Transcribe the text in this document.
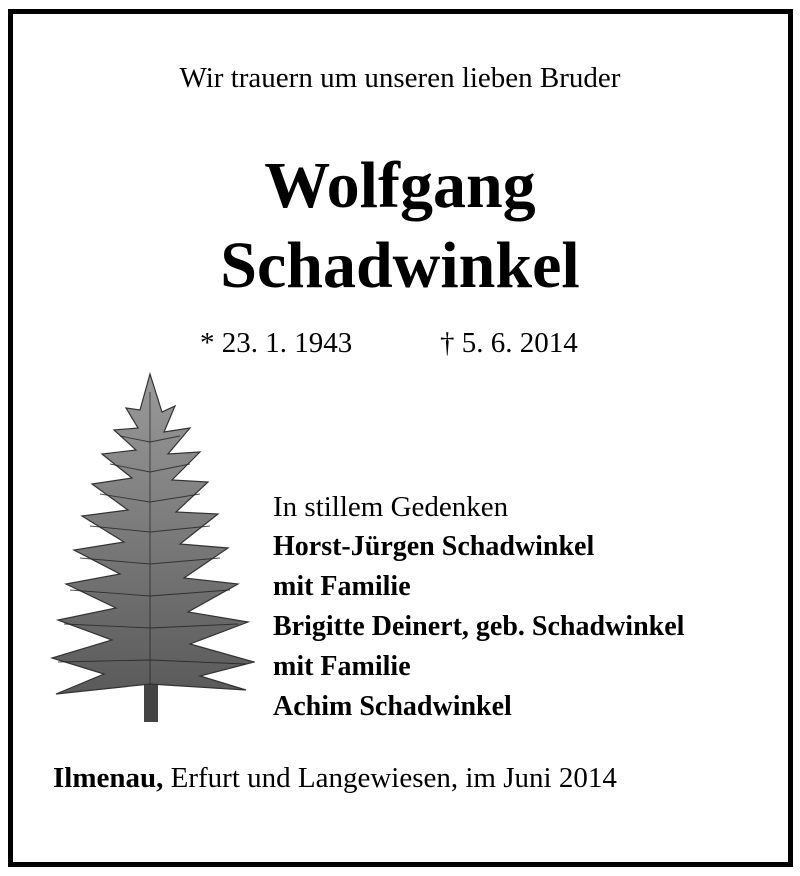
Wir trauern um unseren lieben Bruder
Wolfgang
Schadwinkel
* 23. 1. 1943	† 5. 6. 2014
In stillem Gedenken
Horst-Jürgen Schadwinkel
mit Familie
Brigitte Deinert, geb. Schadwinkel
mit Familie
Achim Schadwinkel
Ilmenau, Erfurt und Langewiesen, im Juni 2014
